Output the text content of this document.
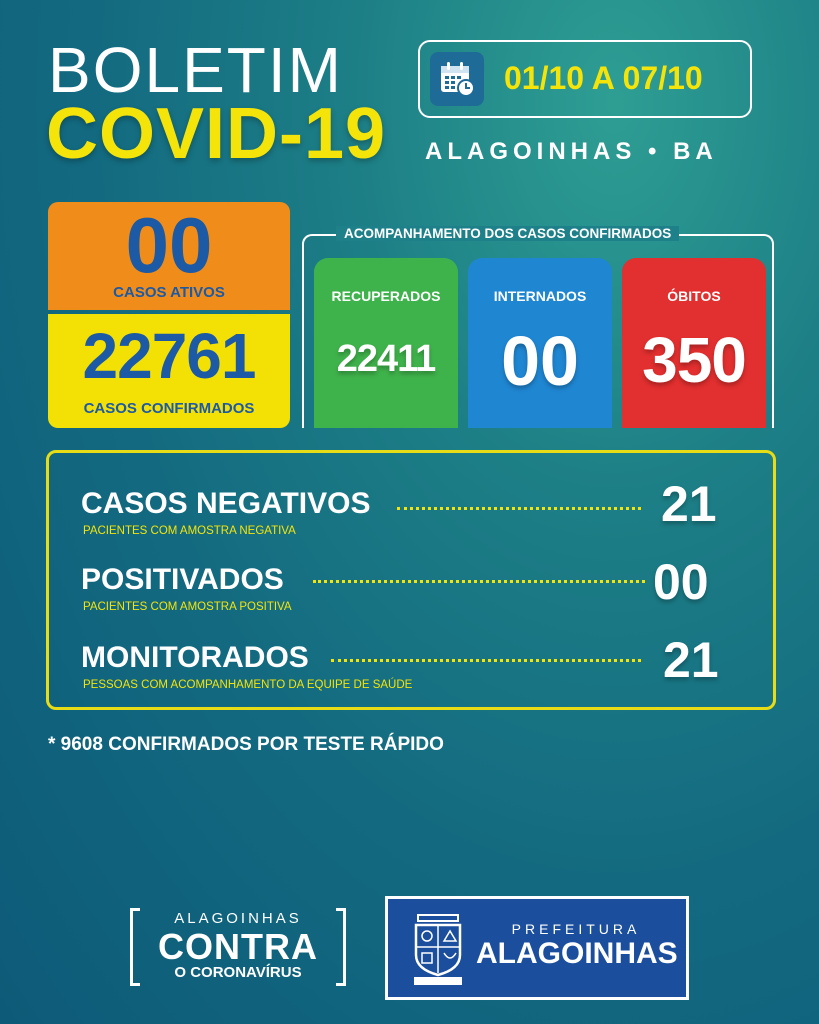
BOLETIM
COVID-19
01/10 A 07/10
ALAGOINHAS • BA
00
CASOS ATIVOS
22761
CASOS CONFIRMADOS
ACOMPANHAMENTO DOS CASOS CONFIRMADOS
RECUPERADOS
22411
INTERNADOS
00
ÓBITOS
350
CASOS NEGATIVOS
PACIENTES COM AMOSTRA NEGATIVA	21
POSITIVADOS
PACIENTES COM AMOSTRA POSITIVA	00
MONITORADOS
PESSOAS COM ACOMPANHAMENTO DA EQUIPE DE SAÚDE	21
* 9608 CONFIRMADOS POR TESTE RÁPIDO
ALAGOINHAS
CONTRA
O CORONAVÍRUS
PREFEITURA
ALAGOINHAS
